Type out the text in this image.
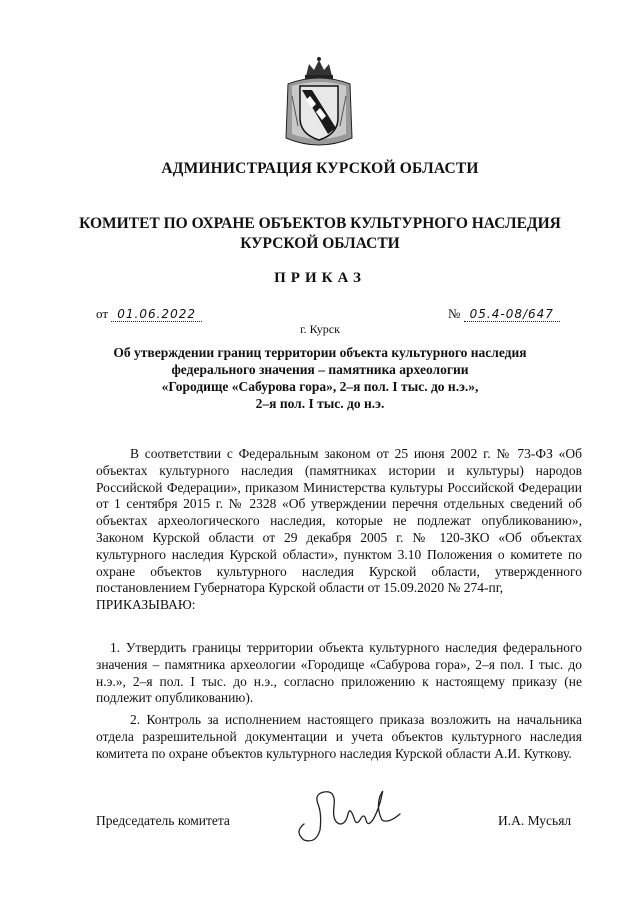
АДМИНИСТРАЦИЯ КУРСКОЙ ОБЛАСТИ
КОМИТЕТ ПО ОХРАНЕ ОБЪЕКТОВ КУЛЬТУРНОГО НАСЛЕДИЯ
КУРСКОЙ ОБЛАСТИ
ПРИКАЗ
от 01.06.2022	№ 05.4-08/647
г. Курск
Об утверждении границ территории объекта культурного наследия
федерального значения – памятника археологии
«Городище «Сабурова гора», 2–я пол. I тыс. до н.э.»,
2–я пол. I тыс. до н.э.
В соответствии с Федеральным законом от 25 июня 2002 г. № 73-ФЗ «Об объектах культурного наследия (памятниках истории и культуры) народов Российской Федерации», приказом Министерства культуры Российской Федерации от 1 сентября 2015 г. № 2328 «Об утверждении перечня отдельных сведений об объектах археологического наследия, которые не подлежат опубликованию», Законом Курской области от 29 декабря 2005 г. № 120-ЗКО «Об объектах культурного наследия Курской области», пунктом 3.10 Положения о комитете по охране объектов культурного наследия Курской области, утвержденного постановлением Губернатора Курской области от 15.09.2020 № 274-пг,
ПРИКАЗЫВАЮ:
1. Утвердить границы территории объекта культурного наследия федерального значения – памятника археологии «Городище «Сабурова гора», 2–я пол. I тыс. до н.э.», 2–я пол. I тыс. до н.э., согласно приложению к настоящему приказу (не подлежит опубликованию).
2. Контроль за исполнением настоящего приказа возложить на начальника отдела разрешительной документации и учета объектов культурного наследия комитета по охране объектов культурного наследия Курской области А.И. Куткову.
Председатель комитета	И.А. Мусьял
